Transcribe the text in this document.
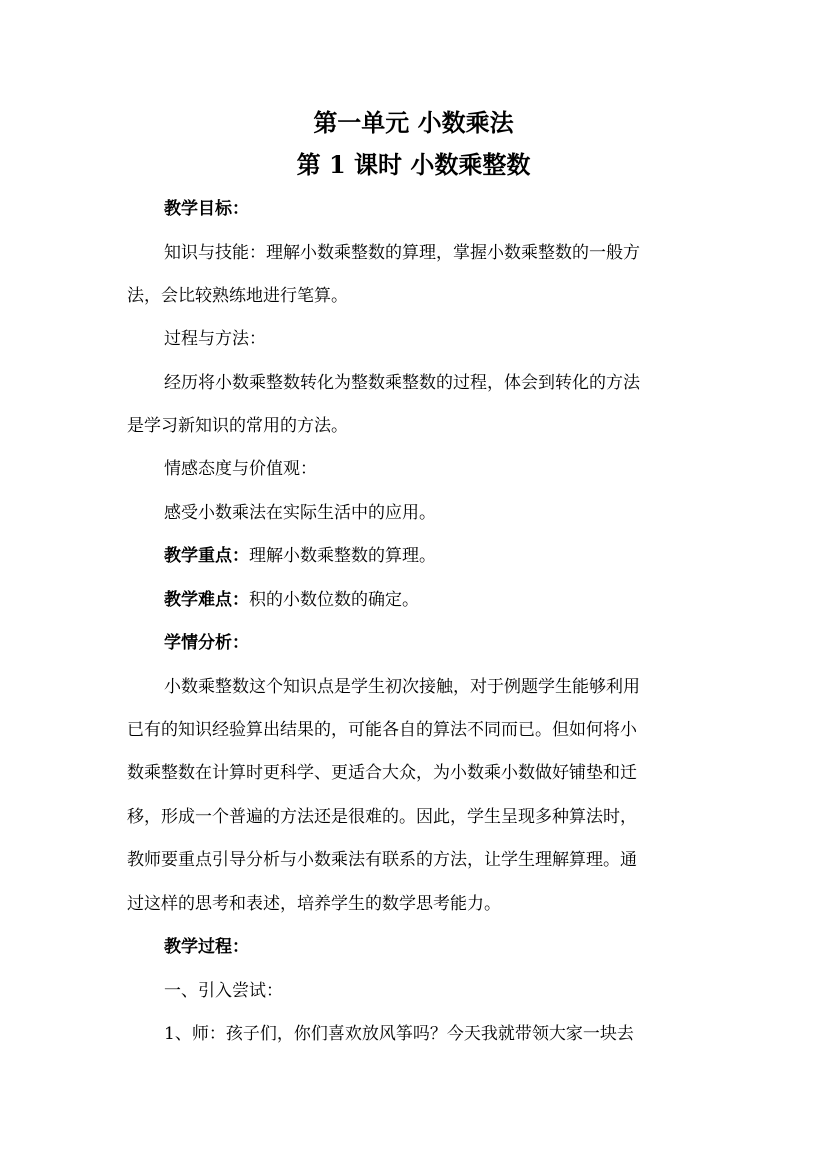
第一单元 小数乘法
第 1 课时 小数乘整数
教学目标：
知识与技能：理解小数乘整数的算理，掌握小数乘整数的一般方
法，会比较熟练地进行笔算。
过程与方法：
经历将小数乘整数转化为整数乘整数的过程，体会到转化的方法
是学习新知识的常用的方法。
情感态度与价值观：
感受小数乘法在实际生活中的应用。
教学重点：理解小数乘整数的算理。
教学难点：积的小数位数的确定。
学情分析：
小数乘整数这个知识点是学生初次接触，对于例题学生能够利用
已有的知识经验算出结果的，可能各自的算法不同而已。但如何将小
数乘整数在计算时更科学、更适合大众，为小数乘小数做好铺垫和迁
移，形成一个普遍的方法还是很难的。因此，学生呈现多种算法时，
教师要重点引导分析与小数乘法有联系的方法，让学生理解算理。通
过这样的思考和表述，培养学生的数学思考能力。
教学过程：
一、引入尝试：
1、师：孩子们，你们喜欢放风筝吗？今天我就带领大家一块去
